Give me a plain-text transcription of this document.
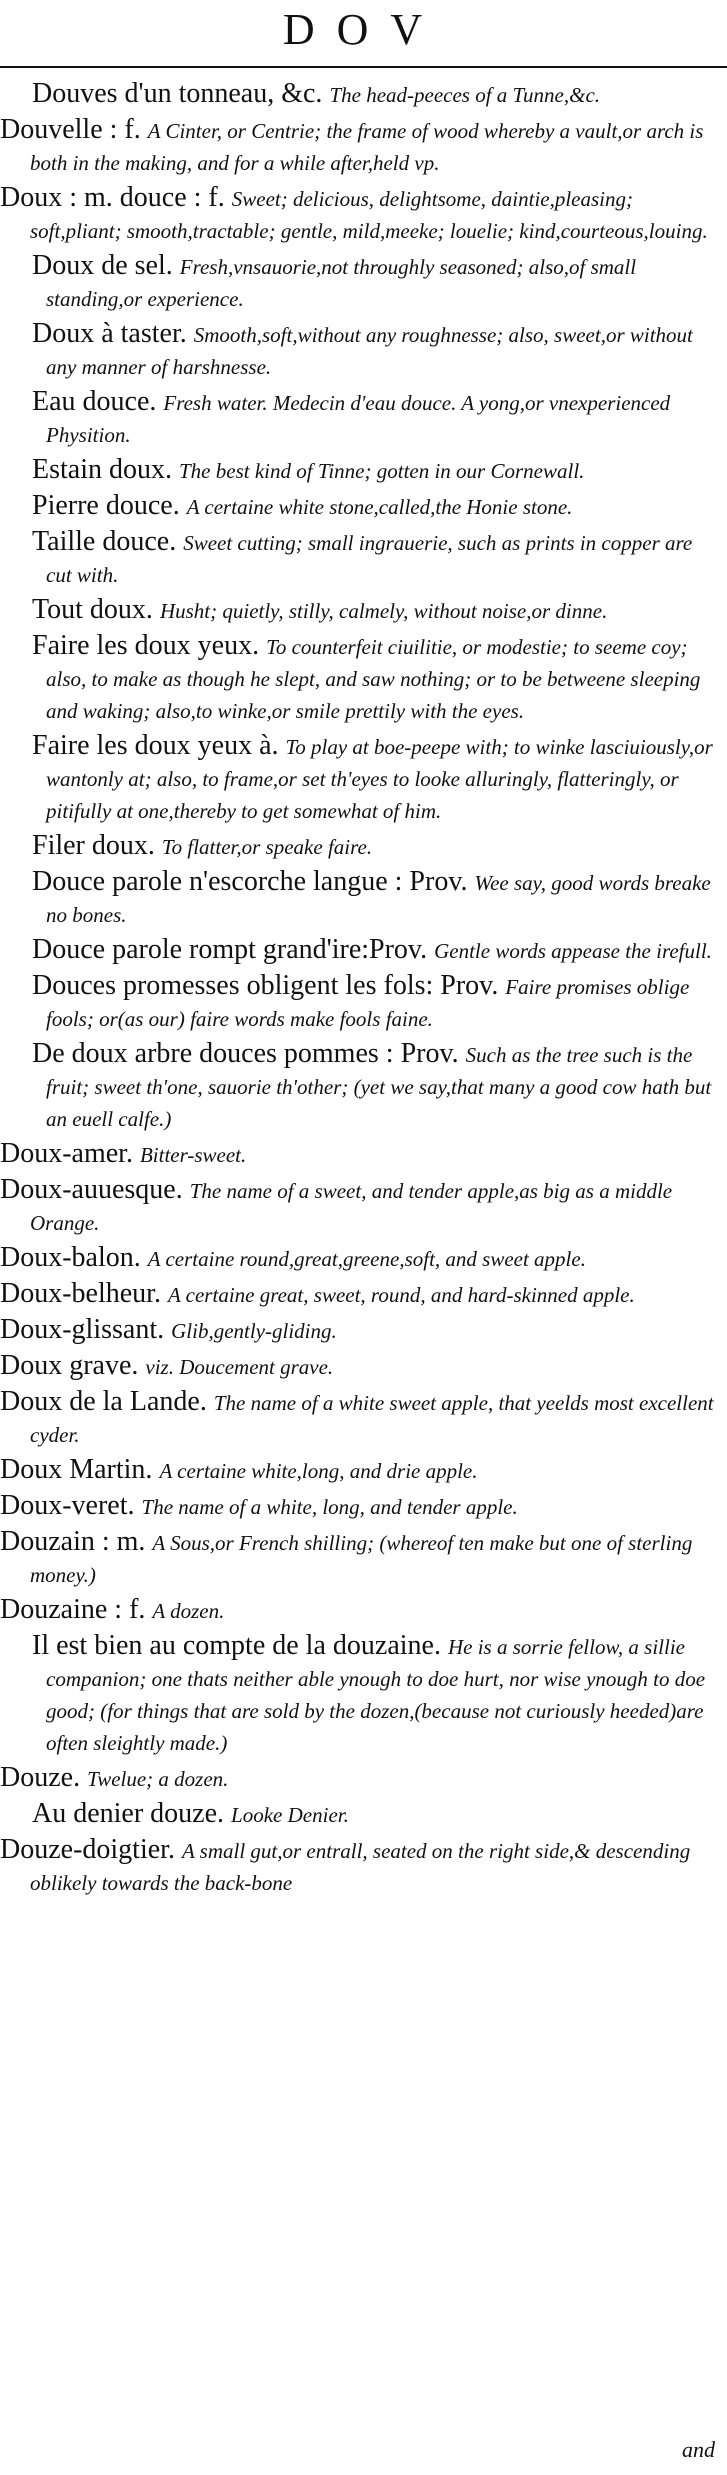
DOV
Douves d'un tonneau, &c. The head-peeces of a Tunne,&c.
Douvelle : f. A Cinter, or Centrie; the frame of wood whereby a vault,or arch is both in the making, and for a while after,held vp.
Doux : m. douce : f. Sweet; delicious, delightsome, daintie,pleasing; soft,pliant; smooth,tractable; gentle, mild,meeke; louelie; kind,courteous,louing.
Doux de sel. Fresh,vnsauorie,not throughly seasoned; also,of small standing,or experience.
Doux à taster. Smooth,soft,without any roughnesse; also, sweet,or without any manner of harshnesse.
Eau douce. Fresh water. Medecin d'eau douce. A yong,or vnexperienced Physition.
Estain doux. The best kind of Tinne; gotten in our Cornewall.
Pierre douce. A certaine white stone,called,the Honie stone.
Taille douce. Sweet cutting; small ingrauerie, such as prints in copper are cut with.
Tout doux. Husht; quietly, stilly, calmely, without noise,or dinne.
Faire les doux yeux. To counterfeit ciuilitie, or modestie; to seeme coy; also, to make as though he slept, and saw nothing; or to be betweene sleeping and waking; also,to winke,or smile prettily with the eyes.
Faire les doux yeux à. To play at boe-peepe with; to winke lasciuiously,or wantonly at; also, to frame,or set th'eyes to looke alluringly, flatteringly, or pitifully at one,thereby to get somewhat of him.
Filer doux. To flatter,or speake faire.
Douce parole n'escorche langue : Prov. Wee say, good words breake no bones.
Douce parole rompt grand'ire:Prov. Gentle words appease the irefull.
Douces promesses obligent les fols: Prov. Faire promises oblige fools; or(as our) faire words make fools faine.
De doux arbre douces pommes : Prov. Such as the tree such is the fruit; sweet th'one, sauorie th'other; (yet we say,that many a good cow hath but an euell calfe.)
Doux-amer. Bitter-sweet.
Doux-auuesque. The name of a sweet, and tender apple,as big as a middle Orange.
Doux-balon. A certaine round,great,greene,soft, and sweet apple.
Doux-belheur. A certaine great, sweet, round, and hard-skinned apple.
Doux-glissant. Glib,gently-gliding.
Doux grave. viz. Doucement grave.
Doux de la Lande. The name of a white sweet apple, that yeelds most excellent cyder.
Doux Martin. A certaine white,long, and drie apple.
Doux-veret. The name of a white, long, and tender apple.
Douzain : m. A Sous,or French shilling; (whereof ten make but one of sterling money.)
Douzaine : f. A dozen.
Il est bien au compte de la douzaine. He is a sorrie fellow, a sillie companion; one thats neither able ynough to doe hurt, nor wise ynough to doe good; (for things that are sold by the dozen,(because not curiously heeded)are often sleightly made.)
Douze. Twelue; a dozen.
Au denier douze. Looke Denier.
Douze-doigtier. A small gut,or entrall, seated on the right side,& descending oblikely towards the back-bone
and
